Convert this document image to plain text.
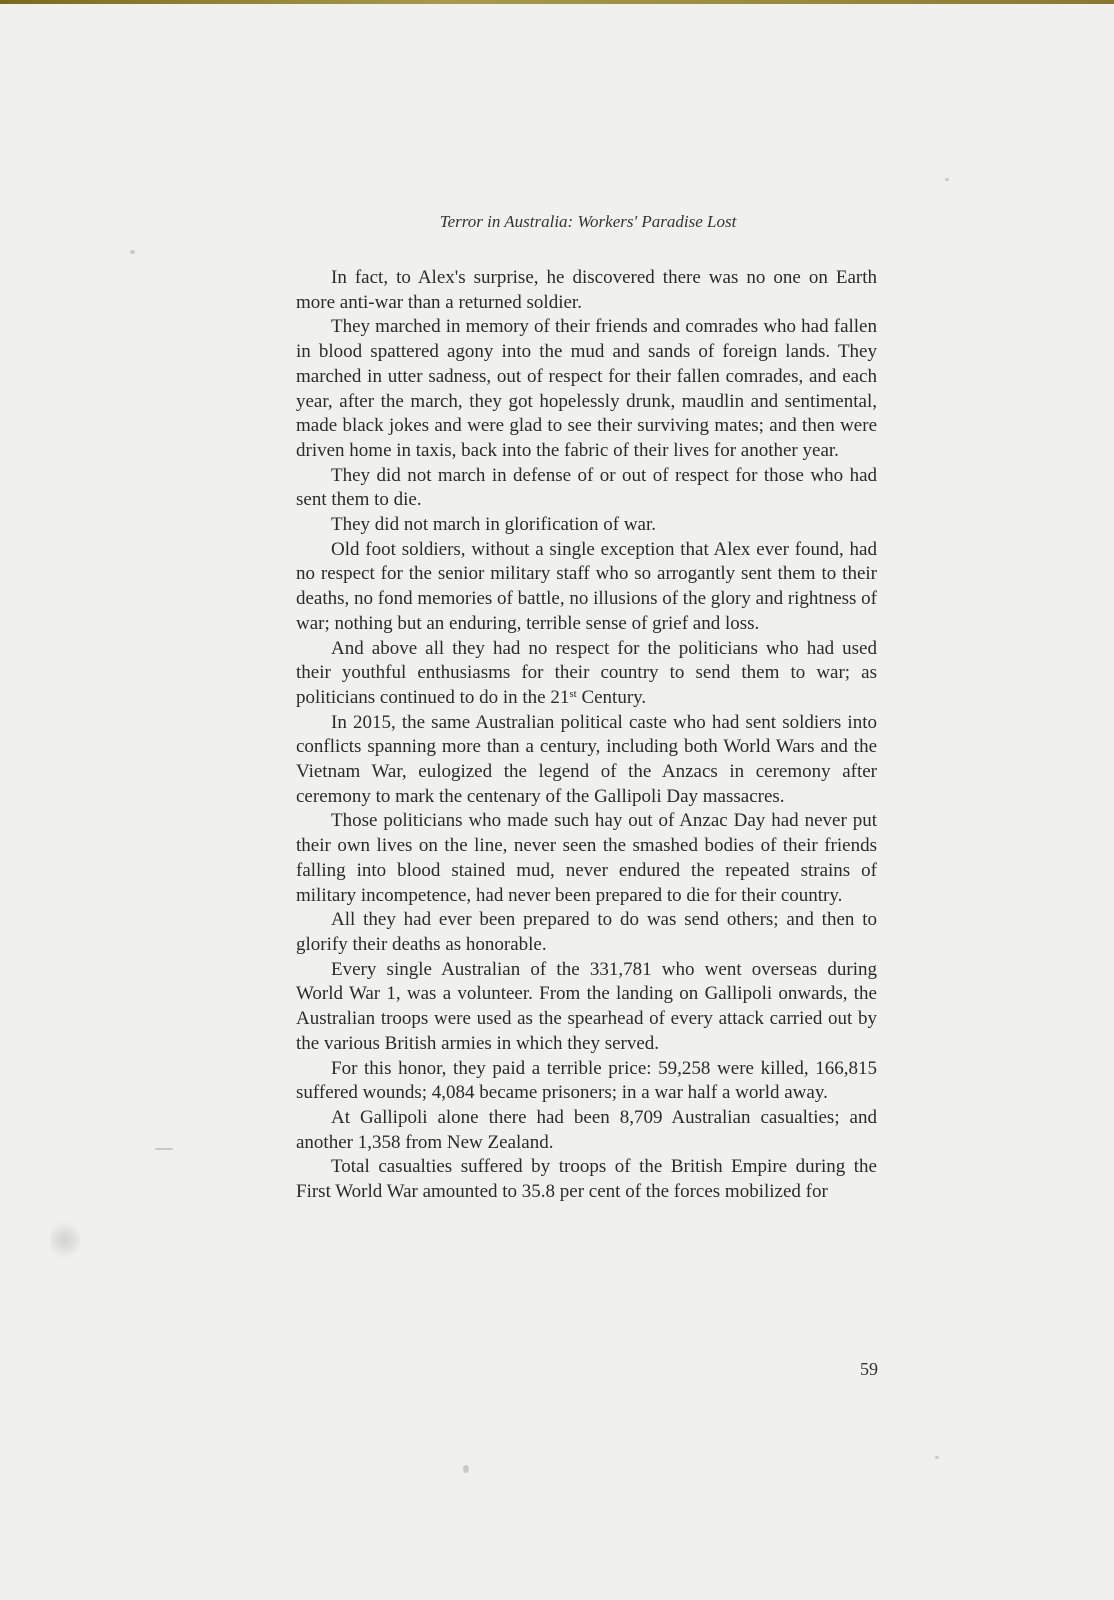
Terror in Australia: Workers' Paradise Lost

In fact, to Alex's surprise, he discovered there was no one on Earth more anti-war than a returned soldier.

They marched in memory of their friends and comrades who had fallen in blood spattered agony into the mud and sands of foreign lands. They marched in utter sadness, out of respect for their fallen comrades, and each year, after the march, they got hopelessly drunk, maudlin and sentimental, made black jokes and were glad to see their surviving mates; and then were driven home in taxis, back into the fabric of their lives for another year.

They did not march in defense of or out of respect for those who had sent them to die.

They did not march in glorification of war.

Old foot soldiers, without a single exception that Alex ever found, had no respect for the senior military staff who so arrogantly sent them to their deaths, no fond memories of battle, no illusions of the glory and rightness of war; nothing but an enduring, terrible sense of grief and loss.

And above all they had no respect for the politicians who had used their youthful enthusiasms for their country to send them to war; as politicians continued to do in the 21st Century.

In 2015, the same Australian political caste who had sent soldiers into conflicts spanning more than a century, including both World Wars and the Vietnam War, eulogized the legend of the Anzacs in ceremony after ceremony to mark the centenary of the Gallipoli Day massacres.

Those politicians who made such hay out of Anzac Day had never put their own lives on the line, never seen the smashed bodies of their friends falling into blood stained mud, never endured the repeated strains of military incompetence, had never been prepared to die for their country.

All they had ever been prepared to do was send others; and then to glorify their deaths as honorable.

Every single Australian of the 331,781 who went overseas during World War 1, was a volunteer. From the landing on Gallipoli onwards, the Australian troops were used as the spearhead of every attack carried out by the various British armies in which they served.

For this honor, they paid a terrible price: 59,258 were killed, 166,815 suffered wounds; 4,084 became prisoners; in a war half a world away.

At Gallipoli alone there had been 8,709 Australian casualties; and another 1,358 from New Zealand.

Total casualties suffered by troops of the British Empire during the First World War amounted to 35.8 per cent of the forces mobilized for

59
